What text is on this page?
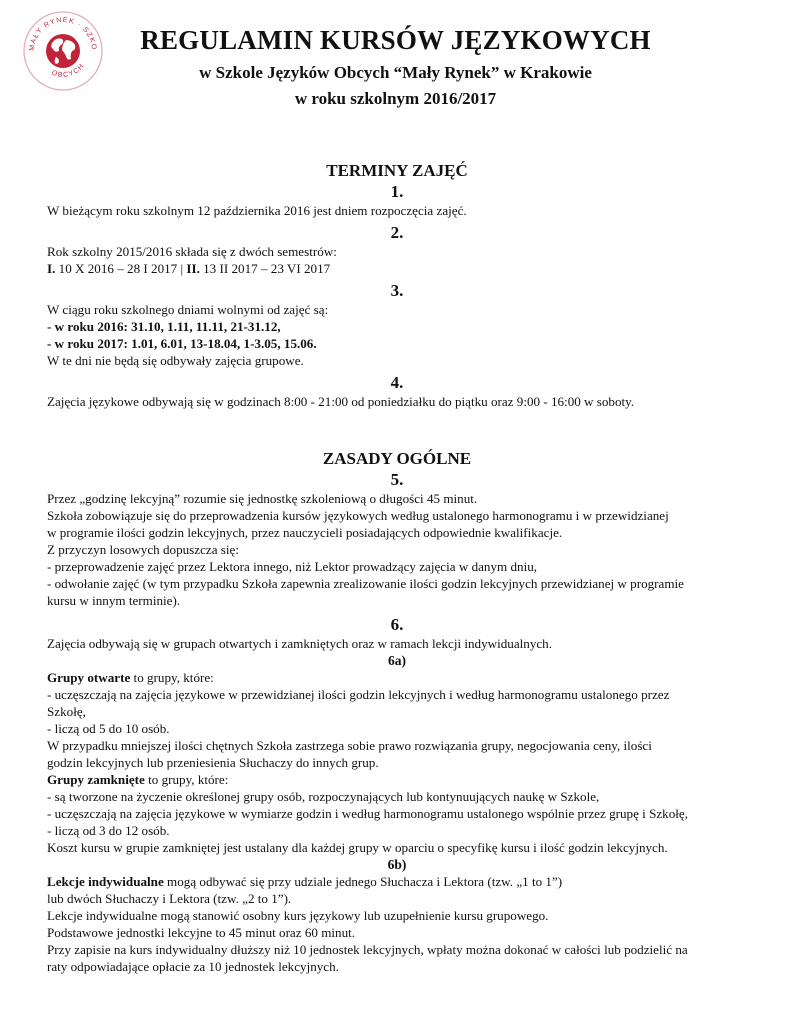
MAŁY RYNEK · SZKO
OBCYCH
REGULAMIN KURSÓW JĘZYKOWYCH
w Szkole Języków Obcych “Mały Rynek” w Krakowie
w roku szkolnym 2016/2017
TERMINY ZAJĘĆ
1.

W bieżącym roku szkolnym 12 października 2016 jest dniem rozpoczęcia zajęć.

2.

Rok szkolny 2015/2016 składa się z dwóch semestrów:

I. 10 X 2016 – 28 I 2017 | II. 13 II 2017 – 23 VI 2017

3.

W ciągu roku szkolnego dniami wolnymi od zajęć są:

- w roku 2016: 31.10, 1.11, 11.11, 21-31.12,

- w roku 2017: 1.01, 6.01, 13-18.04, 1-3.05, 15.06.

W te dni nie będą się odbywały zajęcia grupowe.

4.

Zajęcia językowe odbywają się w godzinach 8:00 - 21:00 od poniedziałku do piątku oraz 9:00 - 16:00 w soboty.

ZASADY OGÓLNE
5.

Przez „godzinę lekcyjną” rozumie się jednostkę szkoleniową o długości 45 minut.

Szkoła zobowiązuje się do przeprowadzenia kursów językowych według ustalonego harmonogramu i w przewidzianej

w programie ilości godzin lekcyjnych, przez nauczycieli posiadających odpowiednie kwalifikacje.

Z przyczyn losowych dopuszcza się:

- przeprowadzenie zajęć przez Lektora innego, niż Lektor prowadzący zajęcia w danym dniu,

- odwołanie zajęć (w tym przypadku Szkoła zapewnia zrealizowanie ilości godzin lekcyjnych przewidzianej w programie

kursu w innym terminie).

6.

Zajęcia odbywają się w grupach otwartych i zamkniętych oraz w ramach lekcji indywidualnych.

6a)

Grupy otwarte to grupy, które:

- uczęszczają na zajęcia językowe w przewidzianej ilości godzin lekcyjnych i według harmonogramu ustalonego przez

Szkołę,

- liczą od 5 do 10 osób.

W przypadku mniejszej ilości chętnych Szkoła zastrzega sobie prawo rozwiązania grupy, negocjowania ceny, ilości

godzin lekcyjnych lub przeniesienia Słuchaczy do innych grup.

Grupy zamknięte to grupy, które:

- są tworzone na życzenie określonej grupy osób, rozpoczynających lub kontynuujących naukę w Szkole,

- uczęszczają na zajęcia językowe w wymiarze godzin i według harmonogramu ustalonego wspólnie przez grupę i Szkołę,

- liczą od 3 do 12 osób.

Koszt kursu w grupie zamkniętej jest ustalany dla każdej grupy w oparciu o specyfikę kursu i ilość godzin lekcyjnych.

6b)

Lekcje indywidualne mogą odbywać się przy udziale jednego Słuchacza i Lektora (tzw. „1 to 1”)

lub dwóch Słuchaczy i Lektora (tzw. „2 to 1”).

Lekcje indywidualne mogą stanowić osobny kurs językowy lub uzupełnienie kursu grupowego.

Podstawowe jednostki lekcyjne to 45 minut oraz 60 minut.

Przy zapisie na kurs indywidualny dłuższy niż 10 jednostek lekcyjnych, wpłaty można dokonać w całości lub podzielić na

raty odpowiadające opłacie za 10 jednostek lekcyjnych.
